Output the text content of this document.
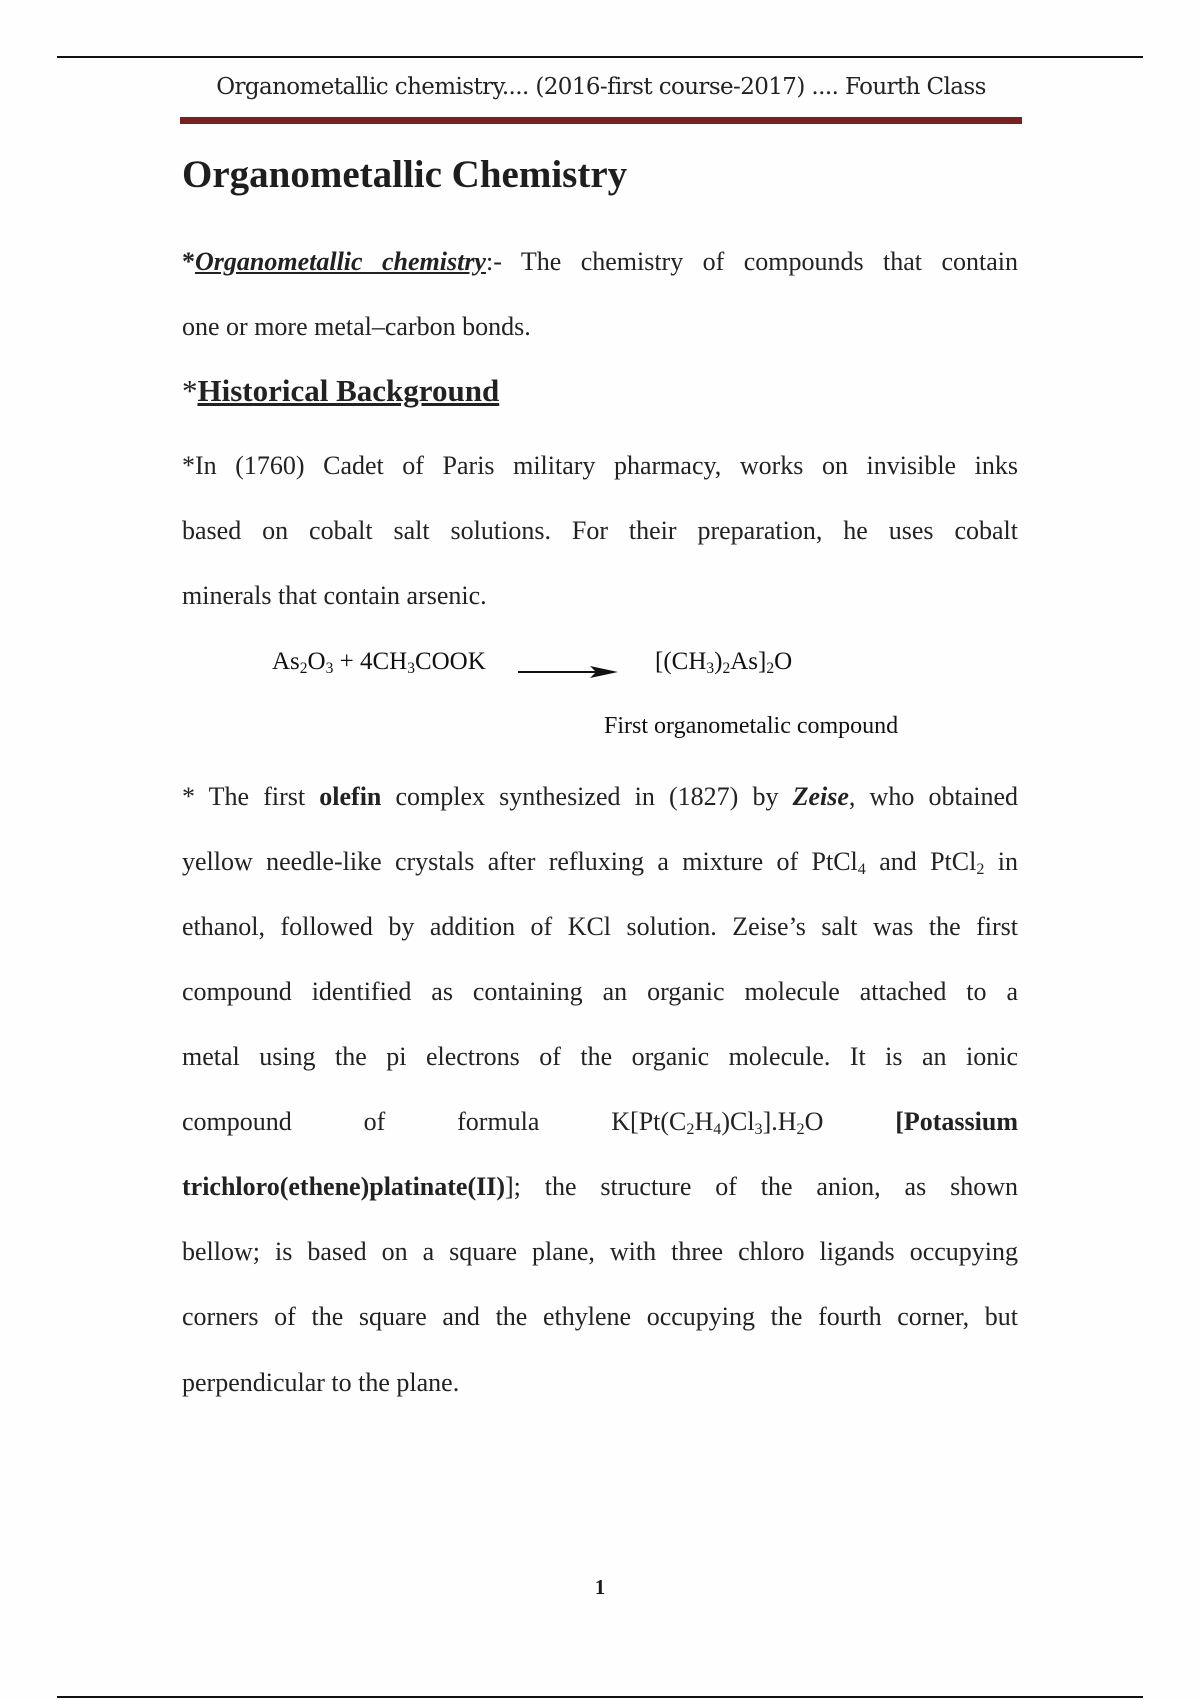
Organometallic chemistry.... (2016-first course-2017) .... Fourth Class
Organometallic Chemistry
*Organometallic chemistry:- The chemistry of compounds that contain
one or more metal–carbon bonds.
*Historical Background
*In (1760) Cadet of Paris military pharmacy, works on invisible inks
based on cobalt salt solutions. For their preparation, he uses cobalt
minerals that contain arsenic.
$As_2O_3$ + $4CH_3COOK$	$[(CH_3)_2As]_2O$
First organometalic compound
* The first olefin complex synthesized in (1827) by Zeise, who obtained
yellow needle-like crystals after refluxing a mixture of PtCl$_4$ and PtCl$_2$ in
ethanol, followed by addition of KCl solution. Zeise’s salt was the first
compound identified as containing an organic molecule attached to a
metal using the pi electrons of the organic molecule. It is an ionic
compound	of	formula	$K[Pt(C_2H_4)Cl_3].H_2O$	[Potassium
trichloro(ethene)platinate(II)]; the structure of the anion, as shown
bellow; is based on a square plane, with three chloro ligands occupying
corners of the square and the ethylene occupying the fourth corner, but
perpendicular to the plane.
1
